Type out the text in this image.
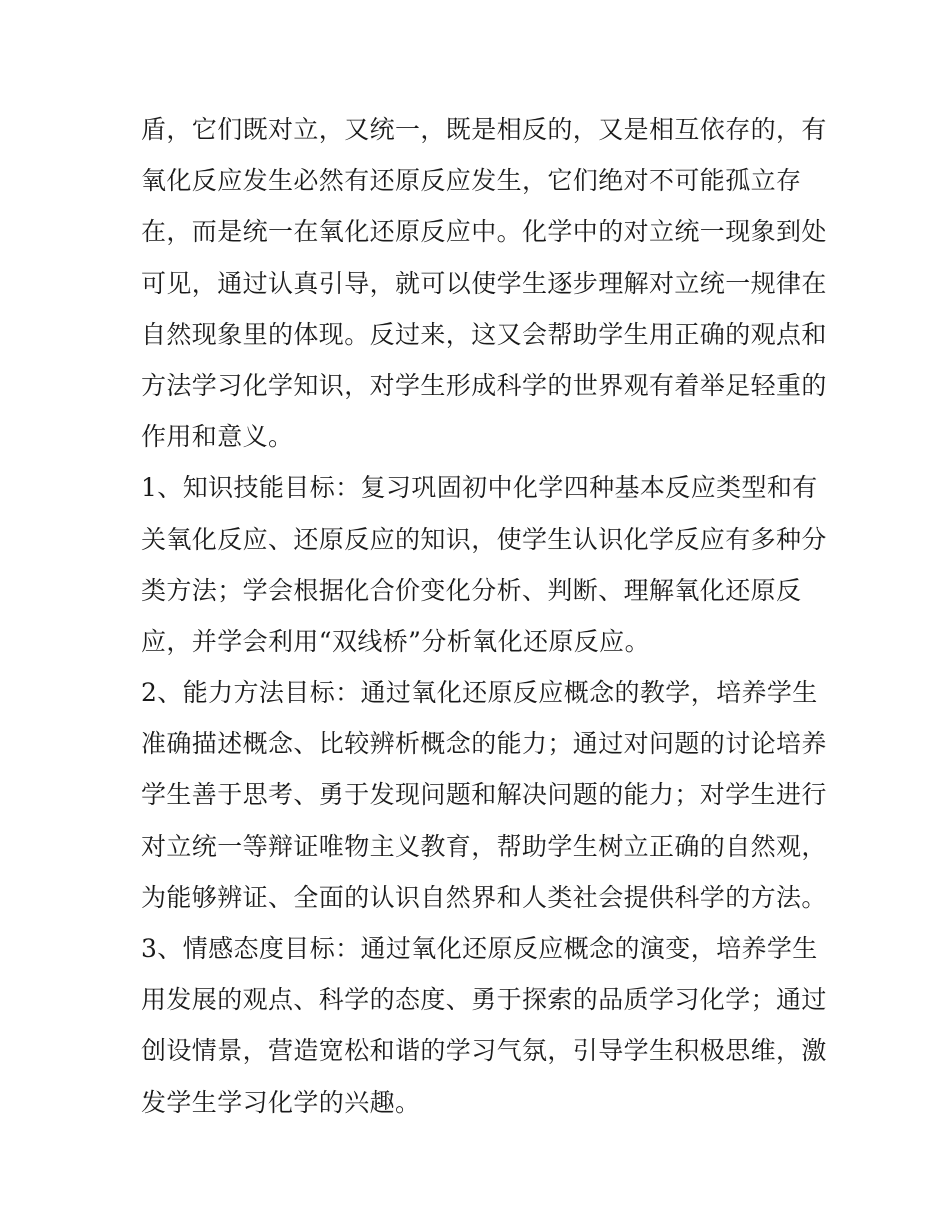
盾，它们既对立，又统一，既是相反的，又是相互依存的，有
氧化反应发生必然有还原反应发生，它们绝对不可能孤立存
在，而是统一在氧化还原反应中。化学中的对立统一现象到处
可见，通过认真引导，就可以使学生逐步理解对立统一规律在
自然现象里的体现。反过来，这又会帮助学生用正确的观点和
方法学习化学知识，对学生形成科学的世界观有着举足轻重的
作用和意义。
1、知识技能目标：复习巩固初中化学四种基本反应类型和有
关氧化反应、还原反应的知识，使学生认识化学反应有多种分
类方法；学会根据化合价变化分析、判断、理解氧化还原反
应，并学会利用“双线桥”分析氧化还原反应。
2、能力方法目标：通过氧化还原反应概念的教学，培养学生
准确描述概念、比较辨析概念的能力；通过对问题的讨论培养
学生善于思考、勇于发现问题和解决问题的能力；对学生进行
对立统一等辩证唯物主义教育，帮助学生树立正确的自然观，
为能够辨证、全面的认识自然界和人类社会提供科学的方法。
3、情感态度目标：通过氧化还原反应概念的演变，培养学生
用发展的观点、科学的态度、勇于探索的品质学习化学；通过
创设情景，营造宽松和谐的学习气氛，引导学生积极思维，激
发学生学习化学的兴趣。
